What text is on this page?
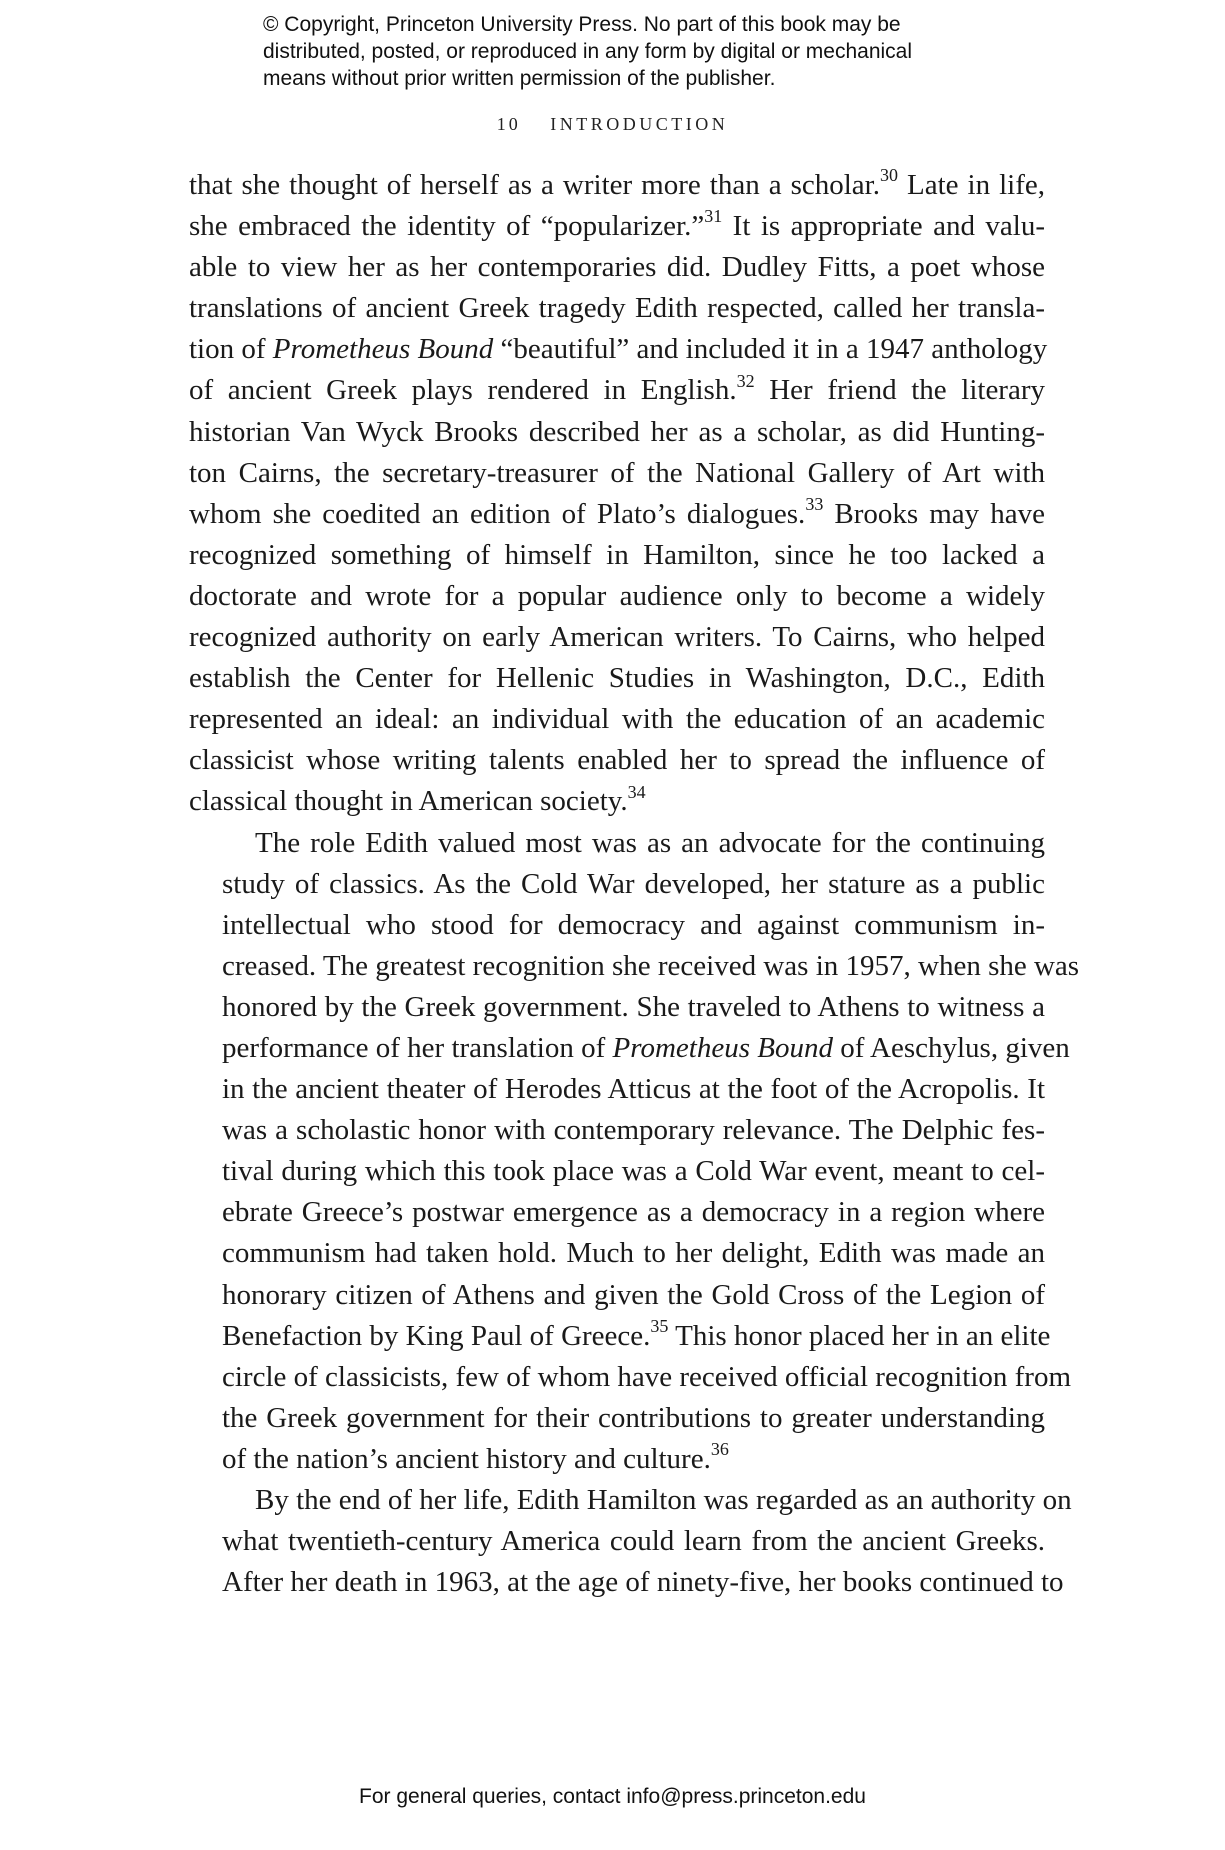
© Copyright, Princeton University Press. No part of this book may be
distributed, posted, or reproduced in any form by digital or mechanical
means without prior written permission of the publisher.
10 INTRODUCTION

that she thought of herself as a writer more than a scholar.$^{30}$ Late in life,
she embraced the identity of “popularizer.”$^{31}$ It is appropriate and valu-
able to view her as her contemporaries did. Dudley Fitts, a poet whose
translations of ancient Greek tragedy Edith respected, called her transla-
tion of Prometheus Bound “beautiful” and included it in a 1947 anthology
of ancient Greek plays rendered in English.$^{32}$ Her friend the literary
historian Van Wyck Brooks described her as a scholar, as did Hunting-
ton Cairns, the secretary-treasurer of the National Gallery of Art with
whom she coedited an edition of Plato’s dialogues.$^{33}$ Brooks may have
recognized something of himself in Hamilton, since he too lacked a
doctorate and wrote for a popular audience only to become a widely
recognized authority on early American writers. To Cairns, who helped
establish the Center for Hellenic Studies in Washington, D.C., Edith
represented an ideal: an individual with the education of an academic
classicist whose writing talents enabled her to spread the influence of
classical thought in American society.$^{34}$

The role Edith valued most was as an advocate for the continuing
study of classics. As the Cold War developed, her stature as a public
intellectual who stood for democracy and against communism in-
creased. The greatest recognition she received was in 1957, when she was
honored by the Greek government. She traveled to Athens to witness a
performance of her translation of Prometheus Bound of Aeschylus, given
in the ancient theater of Herodes Atticus at the foot of the Acropolis. It
was a scholastic honor with contemporary relevance. The Delphic fes-
tival during which this took place was a Cold War event, meant to cel-
ebrate Greece’s postwar emergence as a democracy in a region where
communism had taken hold. Much to her delight, Edith was made an
honorary citizen of Athens and given the Gold Cross of the Legion of
Benefaction by King Paul of Greece.$^{35}$ This honor placed her in an elite
circle of classicists, few of whom have received official recognition from
the Greek government for their contributions to greater understanding
of the nation’s ancient history and culture.$^{36}$

By the end of her life, Edith Hamilton was regarded as an authority on
what twentieth-century America could learn from the ancient Greeks.
After her death in 1963, at the age of ninety-five, her books continued to

For general queries, contact info@press.princeton.edu
